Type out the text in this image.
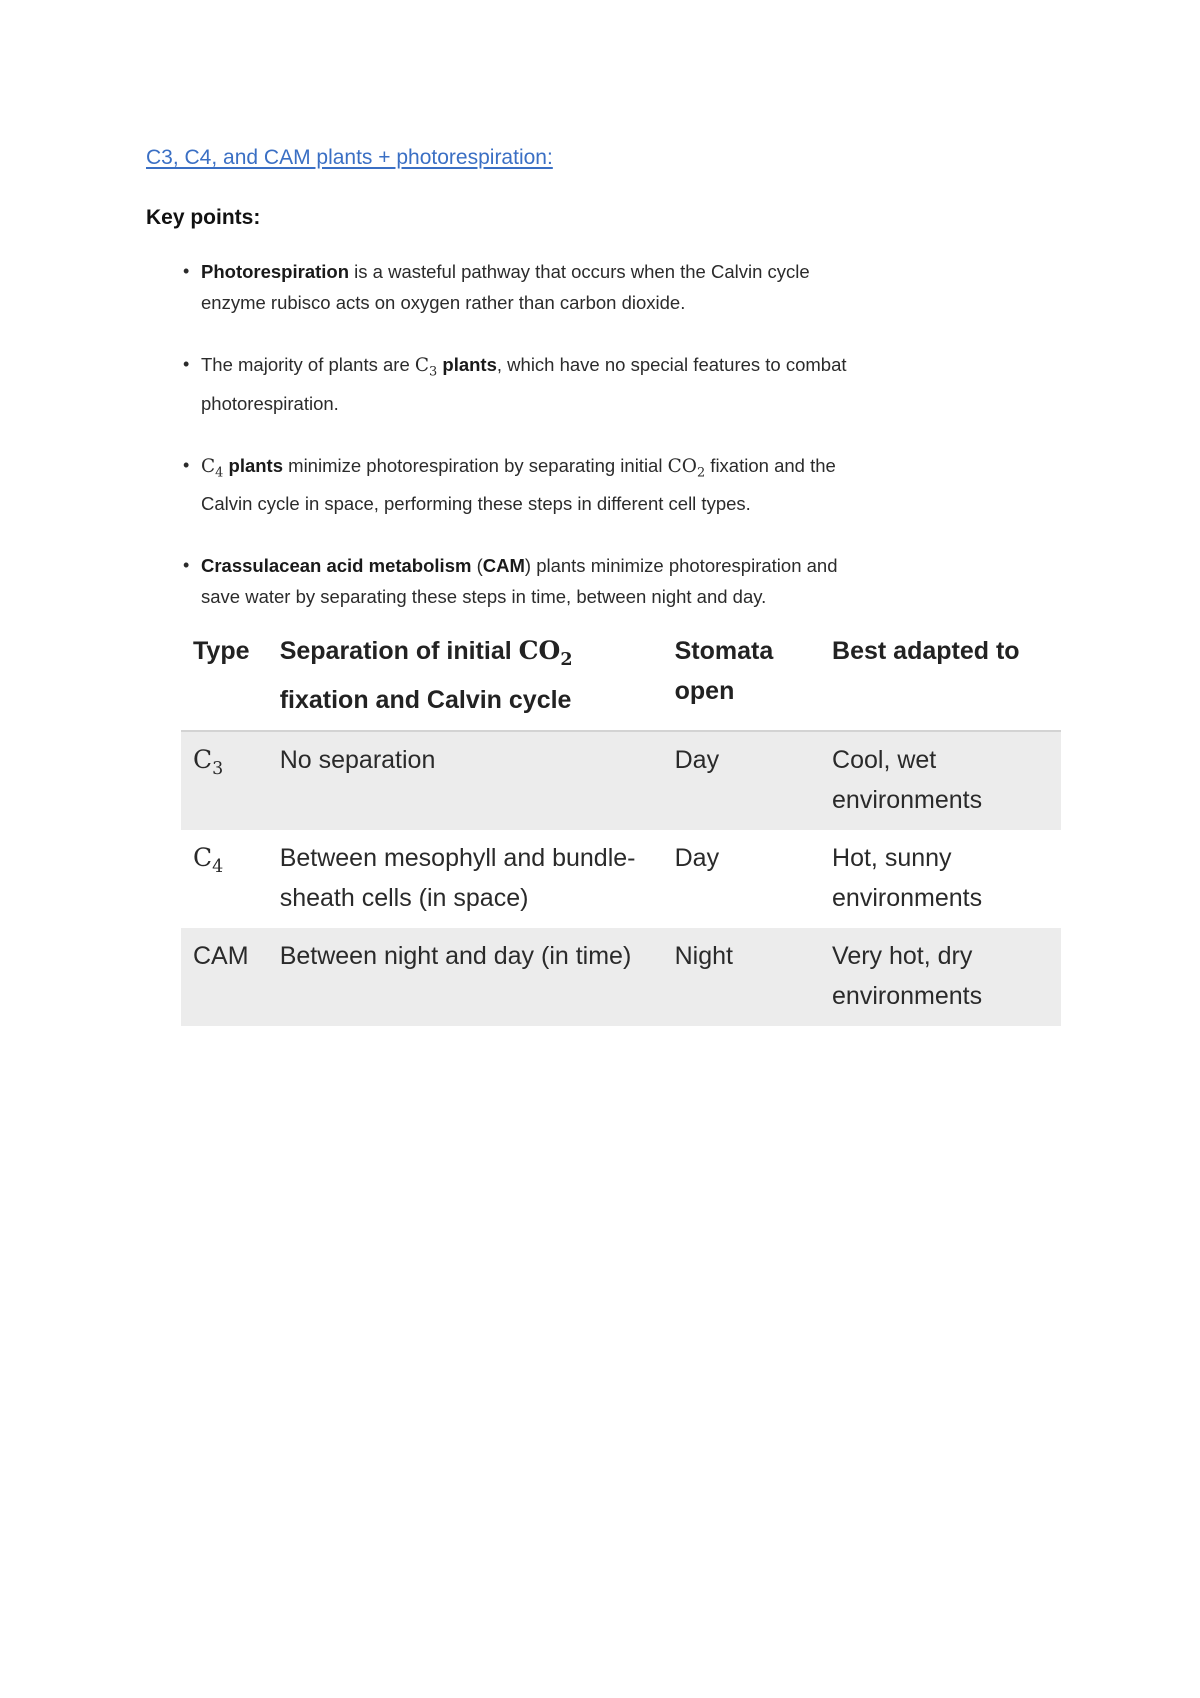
C3, C4, and CAM plants + photorespiration:
Key points:
• Photorespiration is a wasteful pathway that occurs when the Calvin cycle enzyme rubisco acts on oxygen rather than carbon dioxide.
• The majority of plants are $C_3$ plants, which have no special features to combat photorespiration.
• $C_4$ plants minimize photorespiration by separating initial $CO_2$ fixation and the Calvin cycle in space, performing these steps in different cell types.
• Crassulacean acid metabolism (CAM) plants minimize photorespiration and save water by separating these steps in time, between night and day.
Type	Separation of initial $CO_2$ fixation and Calvin cycle	Stomata open	Best adapted to
$C_3$	No separation	Day	Cool, wet environments
$C_4$	Between mesophyll and bundle-sheath cells (in space)	Day	Hot, sunny environments
CAM	Between night and day (in time)	Night	Very hot, dry environments
